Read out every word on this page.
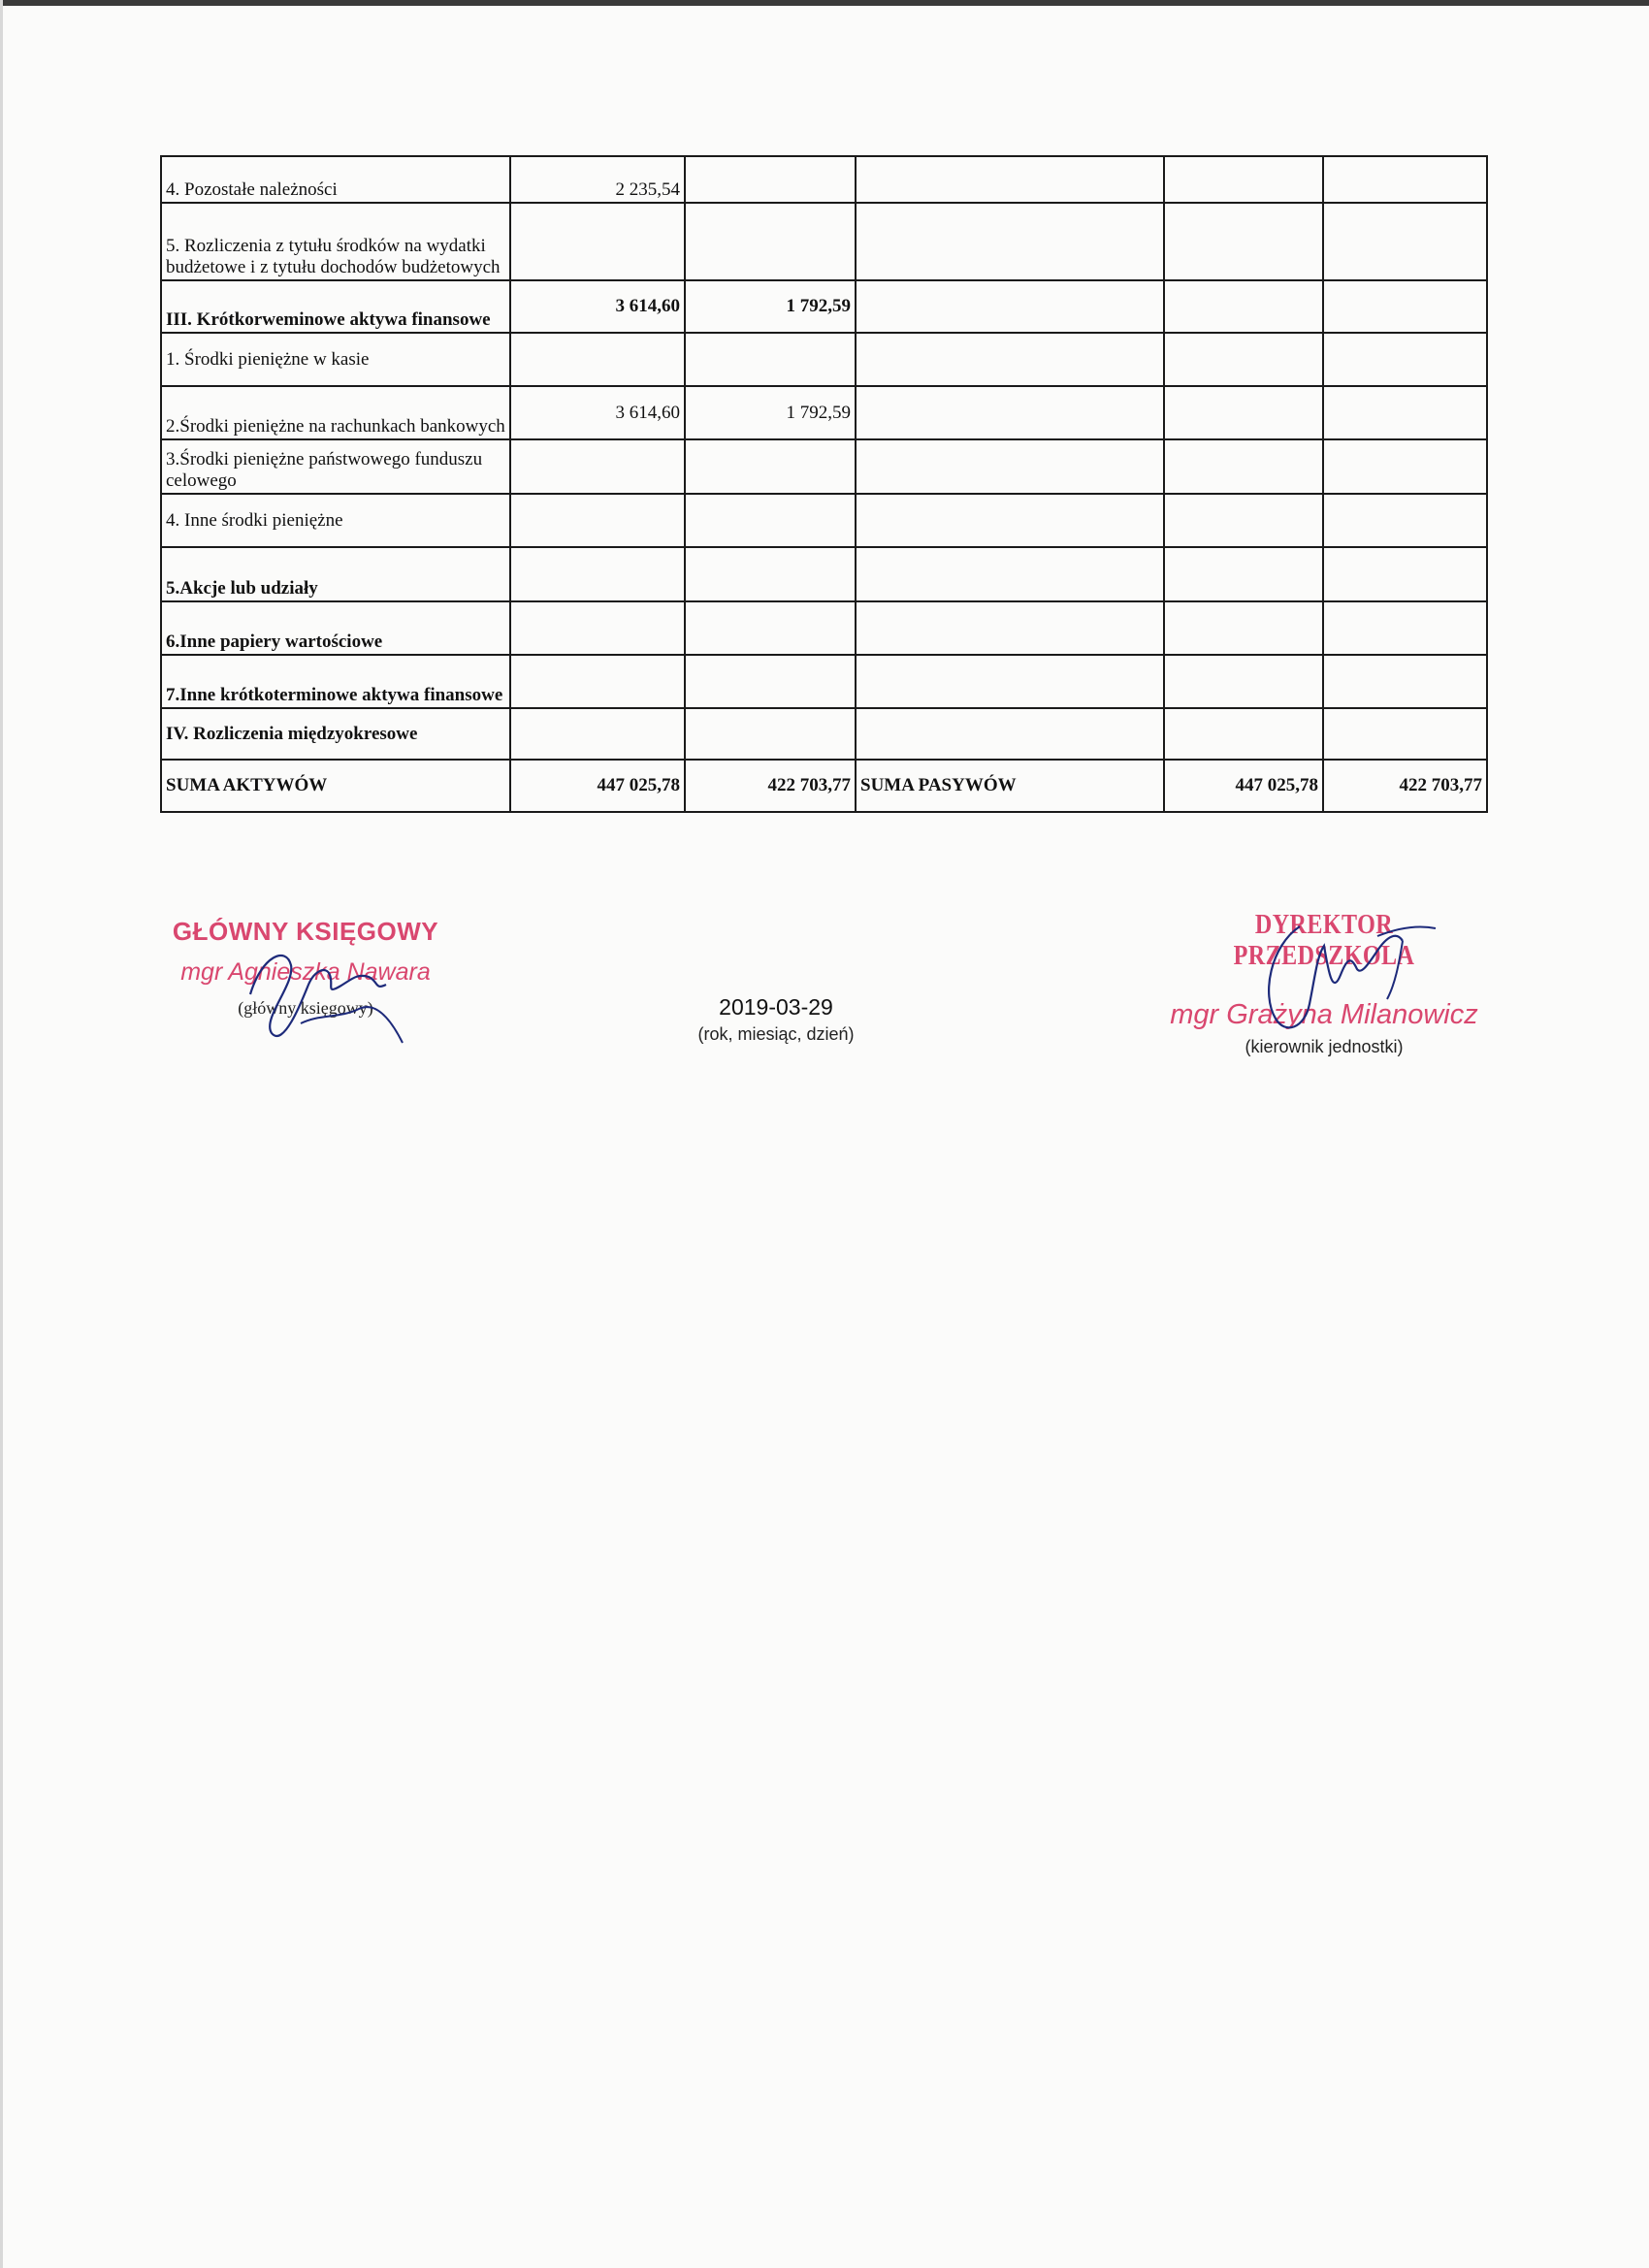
4. Pozostałe należności	2 235,54				
5. Rozliczenia z tytułu środków na wydatki budżetowe i z tytułu dochodów budżetowych					
III. Krótkorweminowe aktywa finansowe	3 614,60	1 792,59			
1. Środki pieniężne w kasie					
2.Środki pieniężne na rachunkach bankowych	3 614,60	1 792,59			
3.Środki pieniężne państwowego funduszu celowego					
4. Inne środki pieniężne					
5.Akcje lub udziały					
6.Inne papiery wartościowe					
7.Inne krótkoterminowe aktywa finansowe					
IV. Rozliczenia międzyokresowe					
SUMA AKTYWÓW	447 025,78	422 703,77	SUMA PASYWÓW	447 025,78	422 703,77
GŁÓWNY KSIĘGOWY
mgr Agnieszka Nawara
(główny księgowy)	2019-03-29
(rok, miesiąc, dzień)
DYREKTOR PRZEDSZKOLA
mgr Grażyna Milanowicz
(kierownik jednostki)
